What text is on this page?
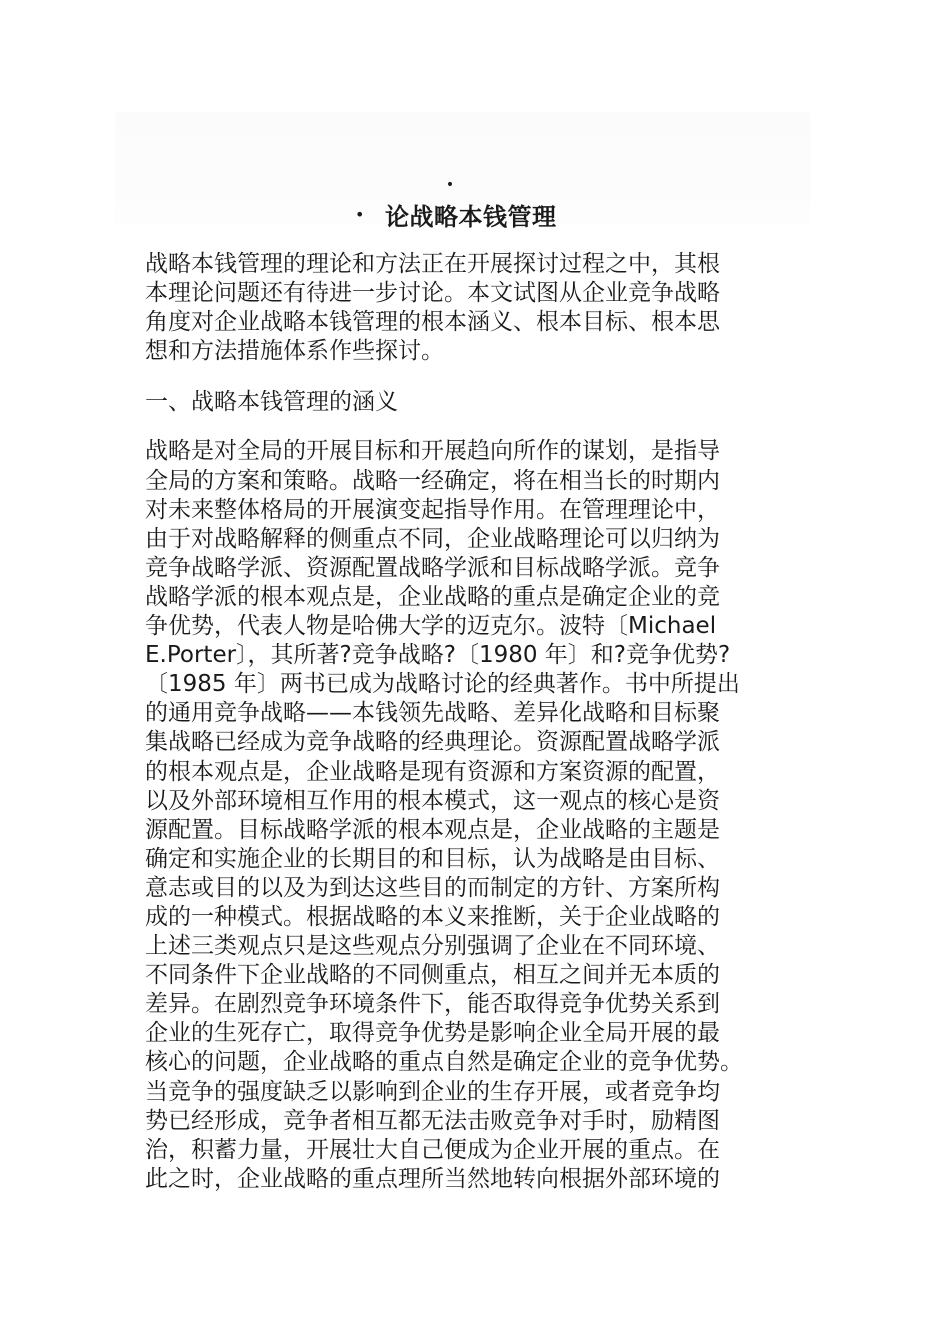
•
• 论战略本钱管理

战略本钱管理的理论和方法正在开展探讨过程之中，其根
本理论问题还有待进一步讨论。本文试图从企业竞争战略
角度对企业战略本钱管理的根本涵义、根本目标、根本思
想和方法措施体系作些探讨。

一、战略本钱管理的涵义

战略是对全局的开展目标和开展趋向所作的谋划，是指导
全局的方案和策略。战略一经确定，将在相当长的时期内
对未来整体格局的开展演变起指导作用。在管理理论中，
由于对战略解释的侧重点不同，企业战略理论可以归纳为
竞争战略学派、资源配置战略学派和目标战略学派。竞争
战略学派的根本观点是，企业战略的重点是确定企业的竞
争优势，代表人物是哈佛大学的迈克尔。波特〔Michael
E.Porter〕，其所著?竞争战略?〔1980 年〕和?竞争优势?
〔1985 年〕两书已成为战略讨论的经典著作。书中所提出
的通用竞争战略——本钱领先战略、差异化战略和目标聚
集战略已经成为竞争战略的经典理论。资源配置战略学派
的根本观点是，企业战略是现有资源和方案资源的配置，
以及外部环境相互作用的根本模式，这一观点的核心是资
源配置。目标战略学派的根本观点是，企业战略的主题是
确定和实施企业的长期目的和目标，认为战略是由目标、
意志或目的以及为到达这些目的而制定的方针、方案所构
成的一种模式。根据战略的本义来推断，关于企业战略的
上述三类观点只是这些观点分别强调了企业在不同环境、
不同条件下企业战略的不同侧重点，相互之间并无本质的
差异。在剧烈竞争环境条件下，能否取得竞争优势关系到
企业的生死存亡，取得竞争优势是影响企业全局开展的最
核心的问题，企业战略的重点自然是确定企业的竞争优势。
当竞争的强度缺乏以影响到企业的生存开展，或者竞争均
势已经形成，竞争者相互都无法击败竞争对手时，励精图
治，积蓄力量，开展壮大自己便成为企业开展的重点。在
此之时，企业战略的重点理所当然地转向根据外部环境的
